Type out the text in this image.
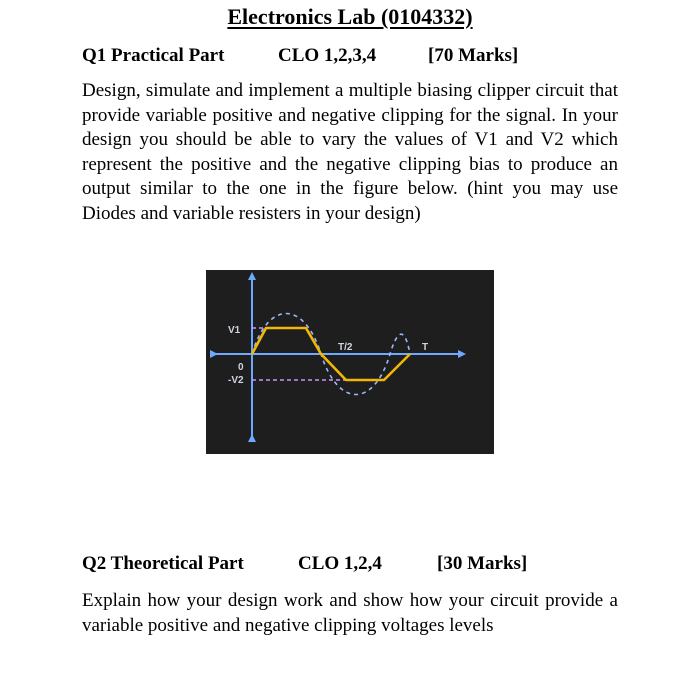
Electronics Lab (0104332)
Q1 Practical Part	CLO 1,2,3,4	[70 Marks]
Design, simulate and implement a multiple biasing clipper circuit that provide variable positive and negative clipping for the signal. In your design you should be able to vary the values of V1 and V2 which represent the positive and the negative clipping bias to produce an output similar to the one in the figure below. (hint you may use Diodes and variable resisters in your design)
V1
0
-V2
T/2	T
Q2 Theoretical Part	CLO 1,2,4	[30 Marks]
Explain how your design work and show how your circuit provide a variable positive and negative clipping voltages levels
